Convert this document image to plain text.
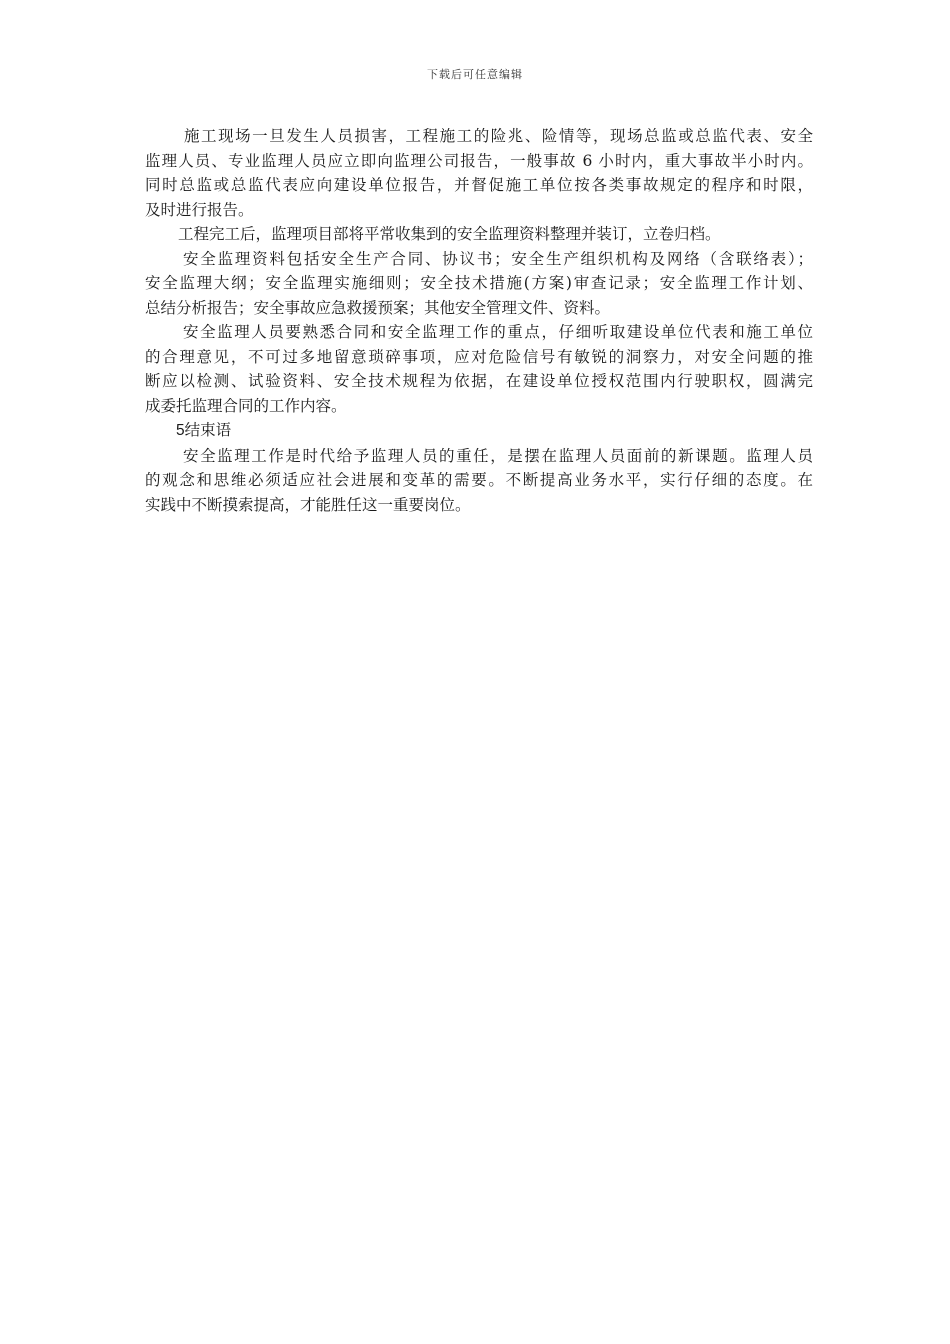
下载后可任意编辑
施工现场一旦发生人员损害，工程施工的险兆、险情等，现场总监或总监代表、安全
监理人员、专业监理人员应立即向监理公司报告，一般事故 6 小时内，重大事故半小时内。
同时总监或总监代表应向建设单位报告，并督促施工单位按各类事故规定的程序和时限，
及时进行报告。
工程完工后，监理项目部将平常收集到的安全监理资料整理并装订，立卷归档。
安全监理资料包括安全生产合同、协议书；安全生产组织机构及网络（含联络表）；
安全监理大纲；安全监理实施细则；安全技术措施(方案)审查记录；安全监理工作计划、
总结分析报告；安全事故应急救援预案；其他安全管理文件、资料。
安全监理人员要熟悉合同和安全监理工作的重点，仔细听取建设单位代表和施工单位
的合理意见，不可过多地留意琐碎事项，应对危险信号有敏锐的洞察力，对安全问题的推
断应以检测、试验资料、安全技术规程为依据，在建设单位授权范围内行驶职权，圆满完
成委托监理合同的工作内容。
5结束语
安全监理工作是时代给予监理人员的重任，是摆在监理人员面前的新课题。监理人员
的观念和思维必须适应社会进展和变革的需要。不断提高业务水平，实行仔细的态度。在
实践中不断摸索提高，才能胜任这一重要岗位。
